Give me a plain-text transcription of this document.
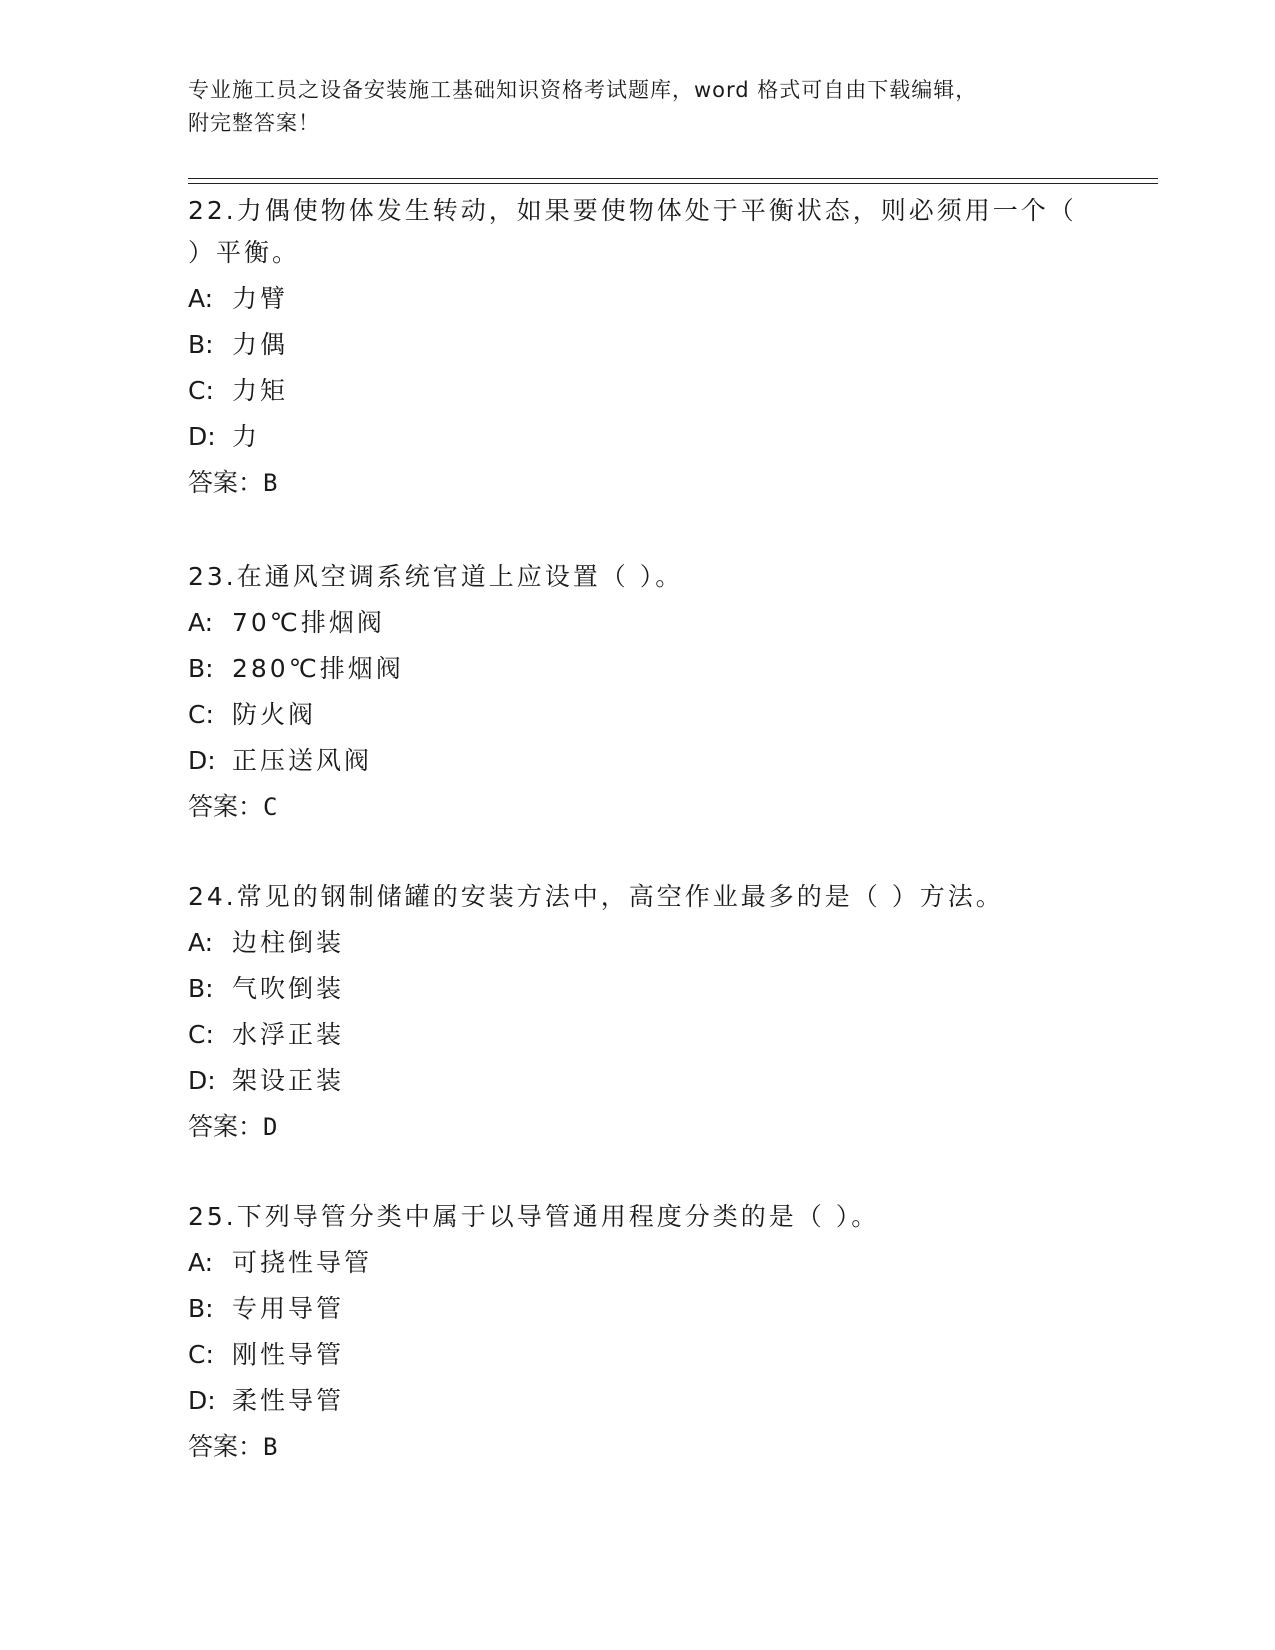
专业施工员之设备安装施工基础知识资格考试题库，word 格式可自由下载编辑，
附完整答案！
22.力偶使物体发生转动，如果要使物体处于平衡状态，则必须用一个（ ）平衡。
A: 力臂
B: 力偶
C: 力矩
D: 力
答案：B
23.在通风空调系统官道上应设置（ ）。
A: 70℃排烟阀
B: 280℃排烟阀
C: 防火阀
D: 正压送风阀
答案：C
24.常见的钢制储罐的安装方法中，高空作业最多的是（ ）方法。
A: 边柱倒装
B: 气吹倒装
C: 水浮正装
D: 架设正装
答案：D
25.下列导管分类中属于以导管通用程度分类的是（ ）。
A: 可挠性导管
B: 专用导管
C: 刚性导管
D: 柔性导管
答案：B
